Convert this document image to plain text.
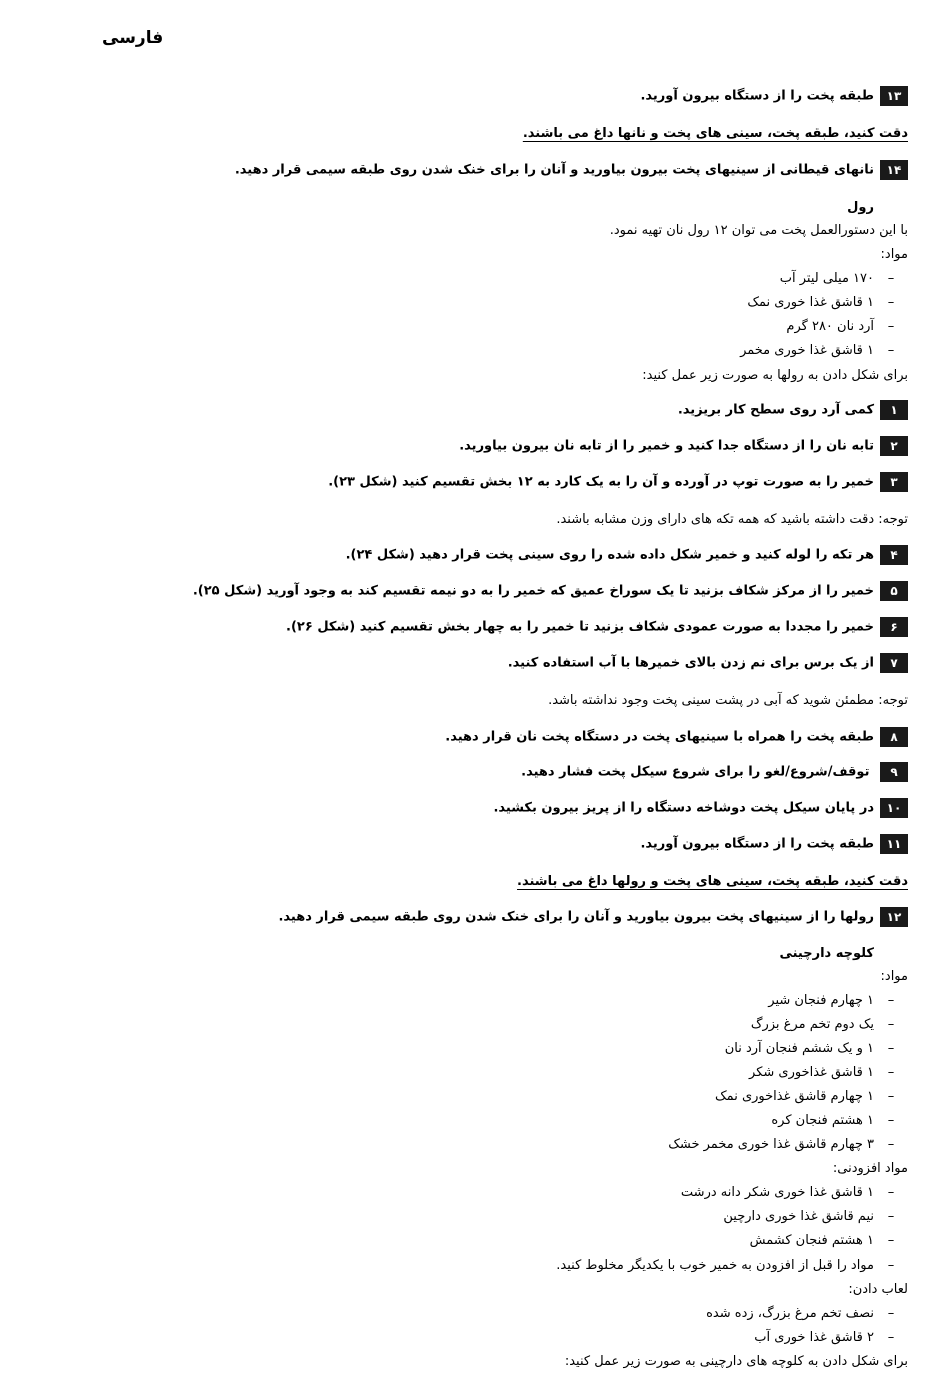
فارسی
۱۳طبقه پخت را از دستگاه بیرون آورید.
دقت کنید، طبقه پخت، سینی های پخت و نانها داغ می باشند.
۱۴نانهای قیطانی از سینیهای پخت بیرون بیاورید و آنان را برای خنک شدن روی طبقه سیمی قرار دهید.
رول
با این دستورالعمل پخت می توان ۱۲ رول نان تهیه نمود.
مواد:
–۱۷۰ میلی لیتر آب
–۱ قاشق غذا خوری نمک
–آرد نان ۲۸۰ گرم
–۱ قاشق غذا خوری مخمر
برای شکل دادن به رولها به صورت زیر عمل کنید:
۱کمی آرد روی سطح کار بریزید.
۲تابه نان را از دستگاه جدا کنید و خمیر را از تابه نان بیرون بیاورید.
۳خمیر را به صورت توپ در آورده و آن را به یک کارد به ۱۲ بخش تقسیم کنید (شکل ۲۳).
توجه: دقت داشته باشید که همه تکه های دارای وزن مشابه باشند.
۴هر تکه را لوله کنید و خمیر شکل داده شده را روی سینی پخت قرار دهید (شکل ۲۴).
۵خمیر را از مرکز شکاف بزنید تا یک سوراخ عمیق که خمیر را به دو نیمه تقسیم کند به وجود آورید (شکل ۲۵).
۶خمیر را مجددا به صورت عمودی شکاف بزنید تا خمیر را به چهار بخش تقسیم کنید (شکل ۲۶).
۷از یک برس برای نم زدن بالای خمیرها با آب استفاده کنید.
توجه: مطمئن شوید که آبی در پشت سینی پخت وجود نداشته باشد.
۸طبقه پخت را همراه با سینیهای پخت در دستگاه پخت نان قرار دهید.
۹ توقف/شروع/لغو را برای شروع سیکل پخت فشار دهید.
۱۰در پایان سیکل پخت دوشاخه دستگاه را از پریز بیرون بکشید.
۱۱طبقه پخت را از دستگاه بیرون آورید.
دقت کنید، طبقه پخت، سینی های پخت و رولها داغ می باشند.
۱۲رولها را از سینیهای پخت بیرون بیاورید و آنان را برای خنک شدن روی طبقه سیمی قرار دهید.
کلوچه دارچینی
مواد:
–۱ چهارم فنجان شیر
–یک دوم تخم مرغ بزرگ
–۱ و یک ششم فنجان آرد نان
–۱ قاشق غذاخوری شکر
–۱ چهارم قاشق غذاخوری نمک
–۱ هشتم فنجان کره
–۳ چهارم قاشق غذا خوری مخمر خشک
مواد افزودنی:
–۱ قاشق غذا خوری شکر دانه درشت
–نیم قاشق غذا خوری دارچین
–۱ هشتم فنجان کشمش
–مواد را قبل از افزودن به خمیر خوب با یکدیگر مخلوط کنید.
لعاب دادن:
–نصف تخم مرغ بزرگ، زده شده
–۲ قاشق غذا خوری آب
برای شکل دادن به کلوچه های دارچینی به صورت زیر عمل کنید:
